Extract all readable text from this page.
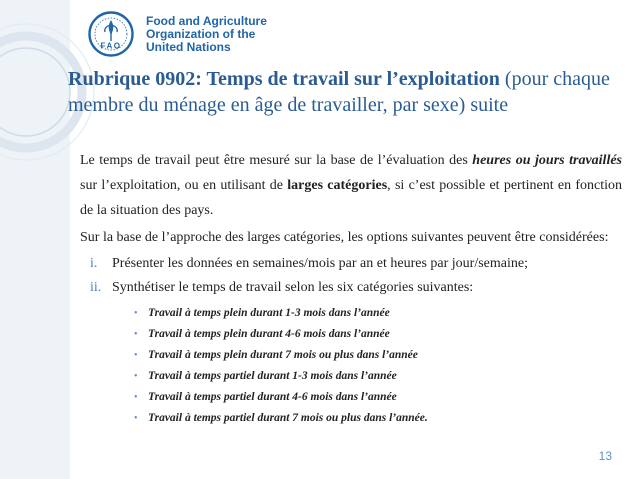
FAO
Food and Agriculture
Organization of the
United Nations
Rubrique 0902: Temps de travail sur l’exploitation (pour chaque membre du ménage en âge de travailler, par sexe) suite

Le temps de travail peut être mesuré sur la base de l’évaluation des heures ou jours travaillés sur l’exploitation, ou en utilisant de larges catégories, si c’est possible et pertinent en fonction de la situation des pays.

Sur la base de l’approche des larges catégories, les options suivantes peuvent être considérées:

i. Présenter les données en semaines/mois par an et heures par jour/semaine;

ii. Synthétiser le temps de travail selon les six catégories suivantes:

• Travail à temps plein durant 1-3 mois dans l’année

• Travail à temps plein durant 4-6 mois dans l’année

• Travail à temps plein durant 7 mois ou plus dans l’année

• Travail à temps partiel durant 1-3 mois dans l’année

• Travail à temps partiel durant 4-6 mois dans l’année

• Travail à temps partiel durant 7 mois ou plus dans l’année.

13
